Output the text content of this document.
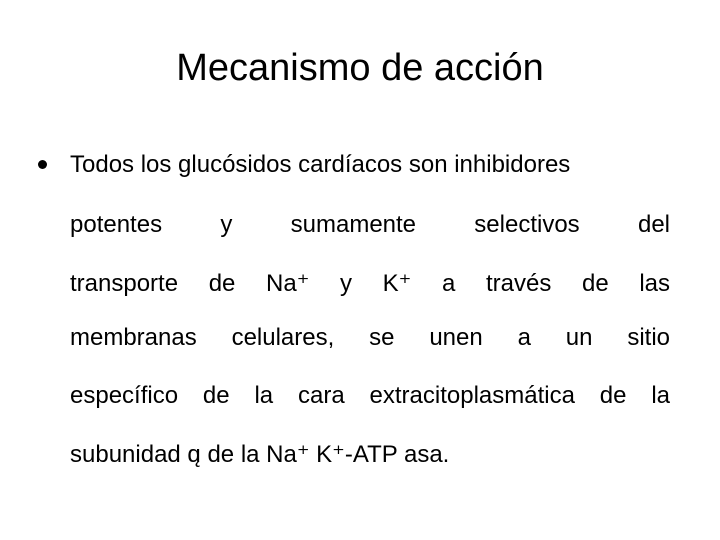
Mecanismo de acción
Todos los glucósidos cardíacos son inhibidores
potentes y sumamente selectivos del
transporte de Na⁺ y K⁺ a través de las
membranas celulares, se unen a un sitio
específico de la cara extracitoplasmática de la
subunidad ɑ̨ de la Na⁺ K⁺-ATP asa.
